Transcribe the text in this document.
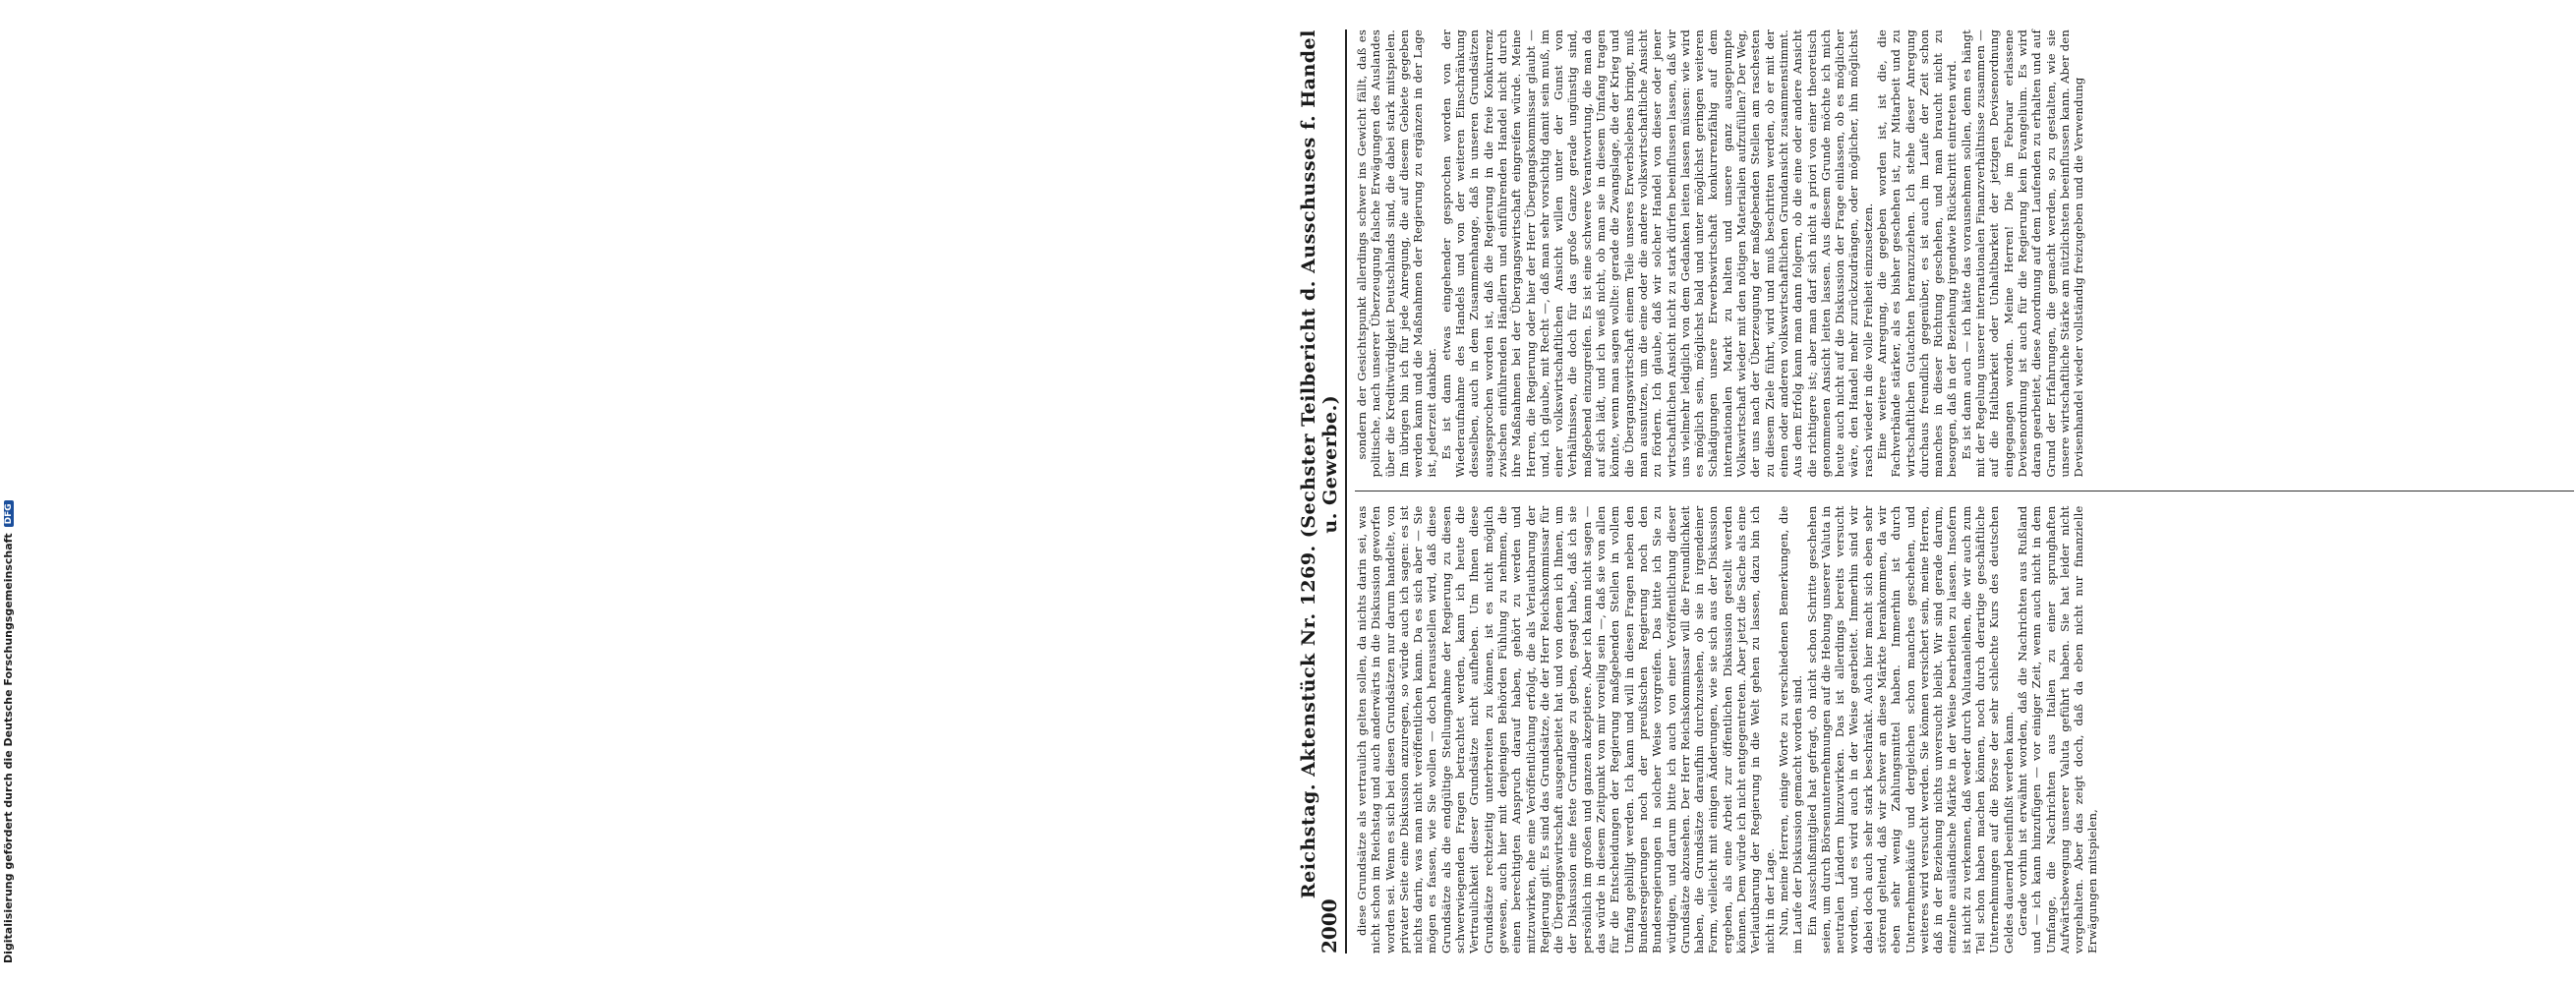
Digitalisierung gefördert durch die Deutsche Forschungsgemeinschaft
DFG
2000
Reichstag. Aktenstück Nr. 1269. (Sechster Teilbericht d. Ausschusses f. Handel u. Gewerbe.)

diese Grundsätze als vertraulich gelten sollen, da nichts darin sei, was nicht schon im Reichstag und auch anderwärts in die Diskussion geworfen worden sei. Wenn es sich bei diesen Grundsätzen nur darum handelte, von privater Seite eine Diskussion anzuregen, so würde auch ich sagen: es ist nichts darin, was man nicht veröffentlichen kann. Da es sich aber — Sie mögen es fassen, wie Sie wollen — doch herausstellen wird, daß diese Grundsätze als die endgültige Stellungnahme der Regierung zu diesen schwerwiegenden Fragen betrachtet werden, kann ich heute die Vertraulichkeit dieser Grundsätze nicht aufheben. Um Ihnen diese Grundsätze rechtzeitig unterbreiten zu können, ist es nicht möglich gewesen, auch hier mit denjenigen Behörden Fühlung zu nehmen, die einen berechtigten Anspruch darauf haben, gehört zu werden und mitzuwirken, ehe eine Veröffentlichung erfolgt, die als Verlautbarung der Regierung gilt. Es sind das Grundsätze, die der Herr Reichskommissar für die Übergangswirtschaft ausgearbeitet hat und von denen ich Ihnen, um der Diskussion eine feste Grundlage zu geben, gesagt habe, daß ich sie persönlich im großen und ganzen akzeptiere. Aber ich kann nicht sagen — das würde in diesem Zeitpunkt von mir voreilig sein —, daß sie von allen für die Entscheidungen der Regierung maßgebenden Stellen in vollem Umfang gebilligt werden. Ich kann und will in diesen Fragen neben den Bundesregierungen noch der preußischen Regierung noch den Bundesregierungen in solcher Weise vorgreifen. Das bitte ich Sie zu würdigen, und darum bitte ich auch von einer Veröffentlichung dieser Grundsätze abzusehen. Der Herr Reichskommissar will die Freundlichkeit haben, die Grundsätze daraufhin durchzusehen, ob sie in irgendeiner Form, vielleicht mit einigen Änderungen, wie sie sich aus der Diskussion ergeben, als eine Arbeit zur öffentlichen Diskussion gestellt werden können. Dem würde ich nicht entgegentreten. Aber jetzt die Sache als eine Verlautbarung der Regierung in die Welt gehen zu lassen, dazu bin ich nicht in der Lage. Nun, meine Herren, einige Worte zu verschiedenen Bemerkungen, die im Laufe der Diskussion gemacht worden sind. Ein Ausschußmitglied hat gefragt, ob nicht schon Schritte geschehen seien, um durch Börsenunternehmungen auf die Hebung unserer Valuta in neutralen Ländern hinzuwirken. Das ist allerdings bereits versucht worden, und es wird auch in der Weise gearbeitet. Immerhin sind wir dabei doch auch sehr stark beschränkt. Auch hier macht sich eben sehr störend geltend, daß wir schwer an diese Märkte herankommen, da wir eben sehr wenig Zahlungsmittel haben. Immerhin ist durch Unternehmenkäufe und dergleichen schon manches geschehen, und weiteres wird versucht werden. Sie können versichert sein, meine Herren, daß in der Beziehung nichts unversucht bleibt. Wir sind gerade darum, einzelne ausländische Märkte in der Weise bearbeiten zu lassen. Insofern ist nicht zu verkennen, daß weder durch Valutaanleihen, die wir auch zum Teil schon haben machen können, noch durch derartige geschäftliche Unternehmungen auf die Börse der sehr schlechte Kurs des deutschen Geldes dauernd beeinflußt werden kann. Gerade vorhin ist erwähnt worden, daß die Nachrichten aus Rußland und — ich kann hinzufügen — vor einiger Zeit, wenn auch nicht in dem Umfange, die Nachrichten aus Italien zu einer sprunghaften Aufwärtsbewegung unserer Valuta geführt haben. Sie hat leider nicht vorgehalten. Aber das zeigt doch, daß da eben nicht nur finanzielle Erwägungen mitspielen,

sondern der Gesichtspunkt allerdings schwer ins Gewicht fällt, daß es politische, nach unserer Überzeugung falsche Erwägungen des Auslandes über die Kreditwürdigkeit Deutschlands sind, die dabei stark mitspielen. Im übrigen bin ich für jede Anregung, die auf diesem Gebiete gegeben werden kann und die Maßnahmen der Regierung zu ergänzen in der Lage ist, jederzeit dankbar. Es ist dann etwas eingehender gesprochen worden von der Wiederaufnahme des Handels und von der weiteren Einschränkung desselben, auch in dem Zusammenhange, daß in unseren Grundsätzen ausgesprochen worden ist, daß die Regierung in die freie Konkurrenz zwischen einführenden Händlern und einführenden Handel nicht durch ihre Maßnahmen bei der Übergangswirtschaft eingreifen würde. Meine Herren, die Regierung oder hier der Herr Übergangskommissar glaubt — und, ich glaube, mit Recht —, daß man sehr vorsichtig damit sein muß, im einer volkswirtschaftlichen Ansicht willen unter der Gunst von Verhältnissen, die doch für das große Ganze gerade ungünstig sind, maßgebend einzugreifen. Es ist eine schwere Verantwortung, die man da auf sich lädt, und ich weiß nicht, ob man sie in diesem Umfang tragen könnte, wenn man sagen wollte: gerade die Zwangslage, die der Krieg und die Übergangswirtschaft einem Teile unseres Erwerbslebens bringt, muß man ausnutzen, um die eine oder die andere volkswirtschaftliche Ansicht zu fördern. Ich glaube, daß wir solcher Handel von dieser oder jener wirtschaftlichen Ansicht nicht zu stark dürfen beeinflussen lassen, daß wir uns vielmehr lediglich von dem Gedanken leiten lassen müssen: wie wird es möglich sein, möglichst bald und unter möglichst geringen weiteren Schädigungen unsere Erwerbswirtschaft konkurrenzfähig auf dem internationalen Markt zu halten und unsere ganz ausgepumpte Volkswirtschaft wieder mit den nötigen Materialien aufzufüllen? Der Weg, der uns nach der Überzeugung der maßgebenden Stellen am raschesten zu diesem Ziele führt, wird und muß beschritten werden, ob er mit der einen oder anderen volkswirtschaftlichen Grundansicht zusammenstimmt. Aus dem Erfolg kann man dann folgern, ob die eine oder andere Ansicht die richtigere ist; aber man darf sich nicht a priori von einer theoretisch genommenen Ansicht leiten lassen. Aus diesem Grunde möchte ich mich heute auch nicht auf die Diskussion der Frage einlassen, ob es möglicher wäre, den Handel mehr zurückzudrängen, oder möglicher, ihn möglichst rasch wieder in die volle Freiheit einzusetzen. Eine weitere Anregung, die gegeben worden ist, ist die, die Fachverbände stärker, als es bisher geschehen ist, zur Mitarbeit und zu wirtschaftlichen Gutachten heranzuziehen. Ich stehe dieser Anregung durchaus freundlich gegenüber, es ist auch im Laufe der Zeit schon manches in dieser Richtung geschehen, und man braucht nicht zu besorgen, daß in der Beziehung irgendwie Rückschritt eintreten wird. Es ist dann auch — ich hätte das vorausnehmen sollen, denn es hängt mit der Regelung unserer internationalen Finanzverhältnisse zusammen — auf die Haltbarkeit oder Unhaltbarkeit der jetzigen Devisenordnung eingegangen worden. Meine Herren! Die im Februar erlassene Devisenordnung ist auch für die Regierung kein Evangelium. Es wird daran gearbeitet, diese Anordnung auf dem Laufenden zu erhalten und auf Grund der Erfahrungen, die gemacht werden, so zu gestalten, wie sie unsere wirtschaftliche Stärke am nützlichsten beeinflussen kann. Aber den Devisenhandel wieder vollständig freizugeben und die Verwendung
